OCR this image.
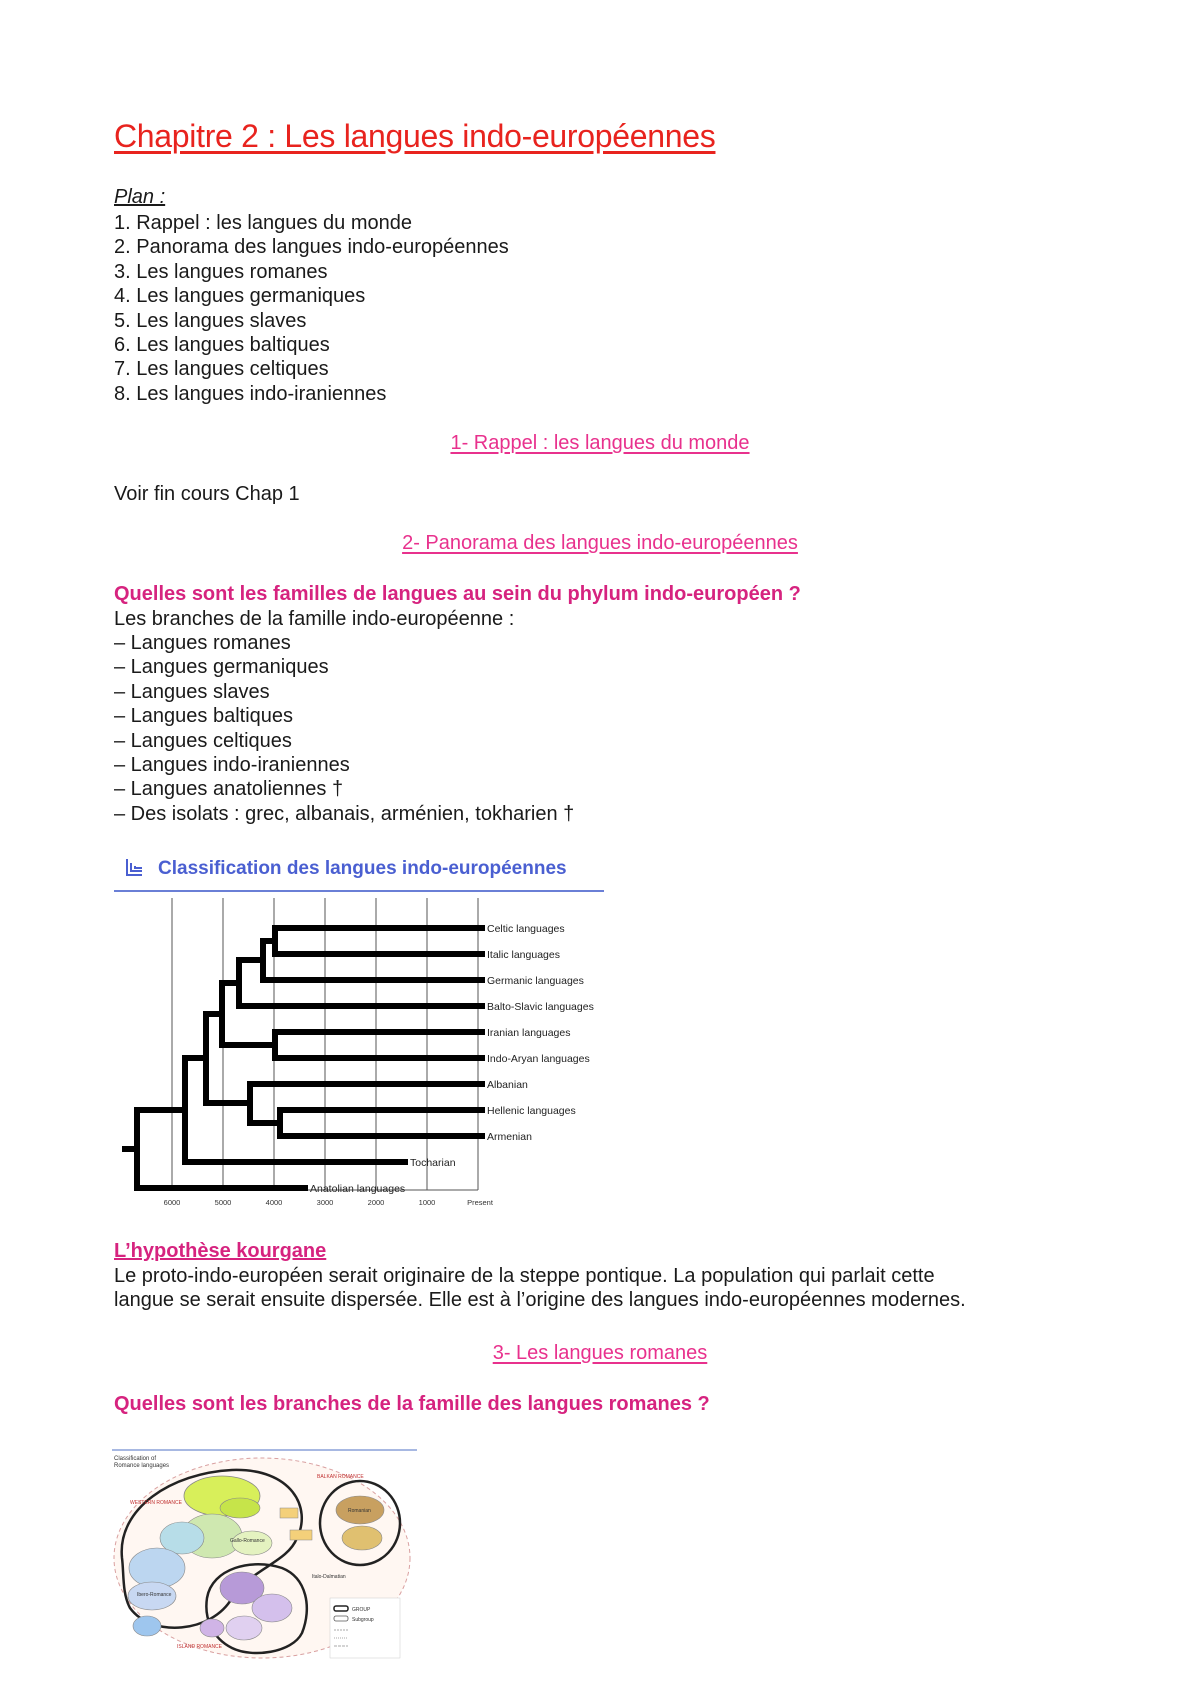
Chapitre 2 : Les langues indo-européennes
Plan :
1. Rappel : les langues du monde
2. Panorama des langues indo-européennes
3. Les langues romanes
4. Les langues germaniques
5. Les langues slaves
6. Les langues baltiques
7. Les langues celtiques
8. Les langues indo-iraniennes
1- Rappel : les langues du monde
Voir fin cours Chap 1
2- Panorama des langues indo-européennes
Quelles sont les familles de langues au sein du phylum indo-européen ?
Les branches de la famille indo-européenne :
– Langues romanes
– Langues germaniques
– Langues slaves
– Langues baltiques
– Langues celtiques
– Langues indo-iraniennes
– Langues anatoliennes †
– Des isolats : grec, albanais, arménien, tokharien †
Classification des langues indo-européennes
Celtic languages
Italic languages
Germanic languages
Balto-Slavic languages
Iranian languages
Indo-Aryan languages
Albanian
Hellenic languages
Armenian
Tocharian
Anatolian languages
6000	5000	4000	3000	2000	1000	Present
L’hypothèse kourgane
Le proto-indo-européen serait originaire de la steppe pontique. La population qui parlait cette
langue se serait ensuite dispersée. Elle est à l’origine des langues indo-européennes modernes.
3- Les langues romanes
Quelles sont les branches de la famille des langues romanes ?
Classification of
Romance languages
WESTERN ROMANCE
BALKAN ROMANCE
ISLAND ROMANCE
Ibero-Romance
Gallo-Romance
Italo-Dalmatian
Romanian
GROUP
Subgroup
